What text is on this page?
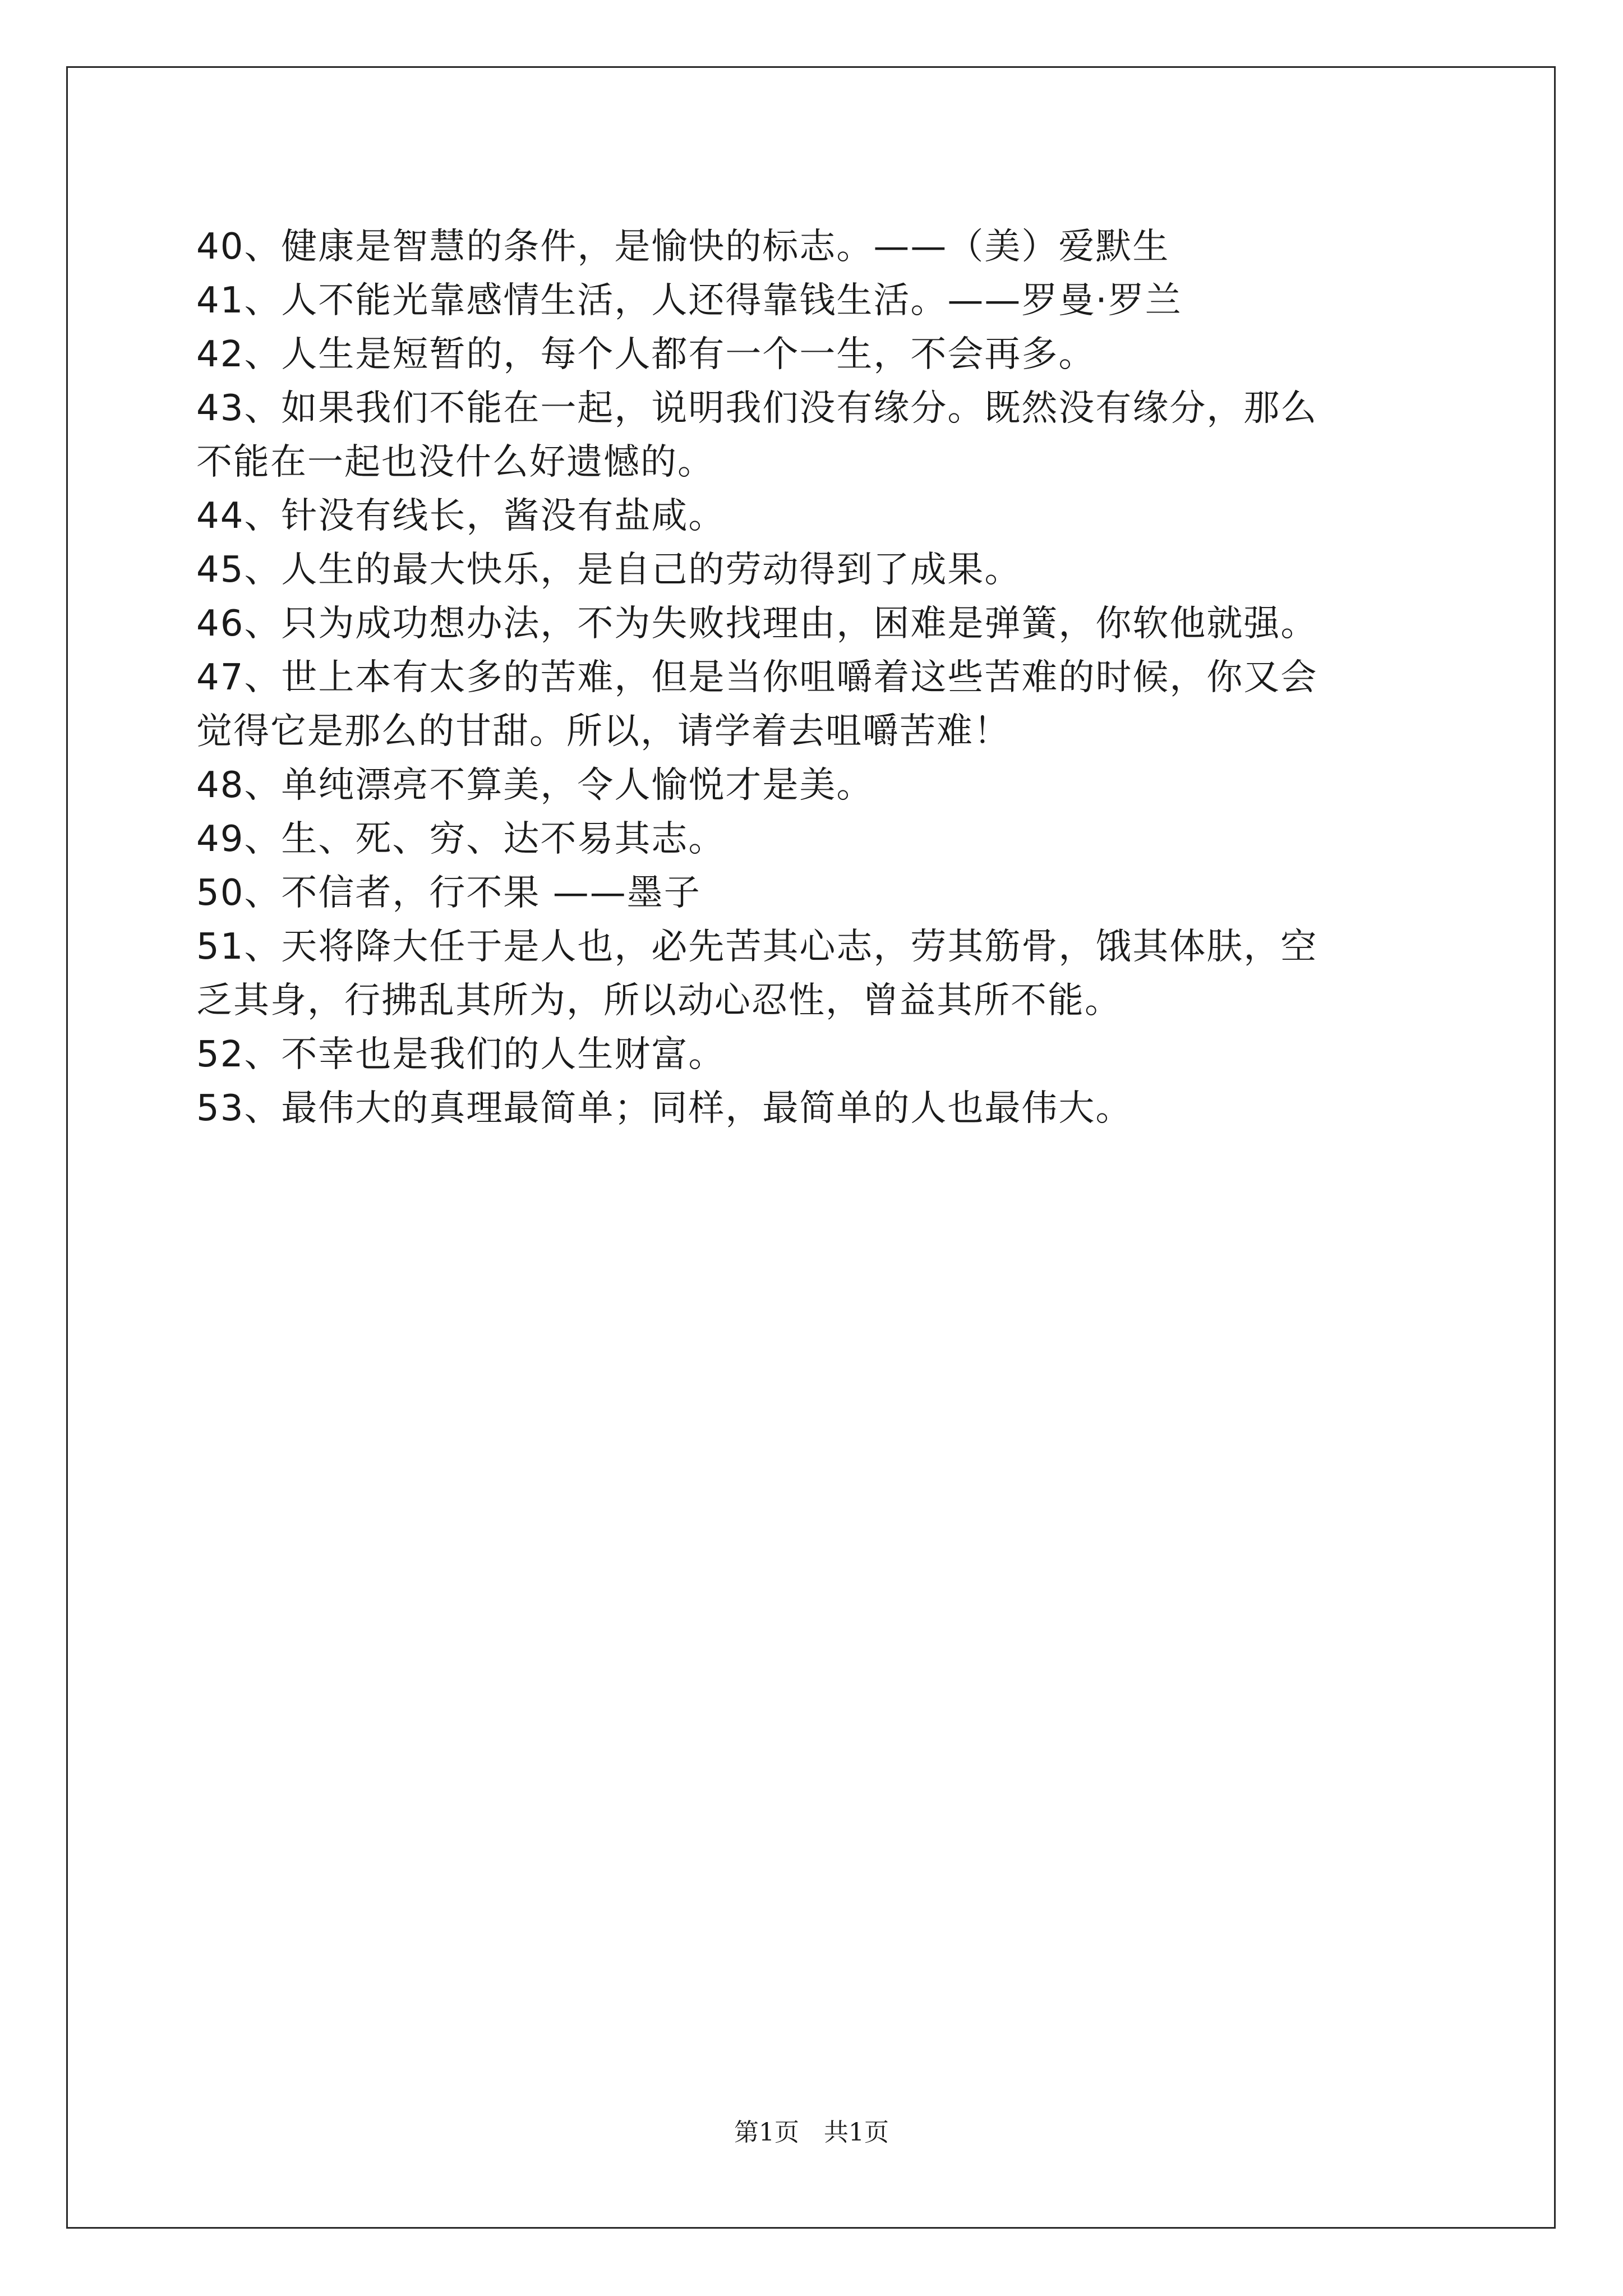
40、健康是智慧的条件，是愉快的标志。——（美）爱默生

41、人不能光靠感情生活，人还得靠钱生活。——罗曼·罗兰

42、人生是短暂的，每个人都有一个一生，不会再多。

43、如果我们不能在一起，说明我们没有缘分。既然没有缘分，那么

不能在一起也没什么好遗憾的。

44、针没有线长，酱没有盐咸。

45、人生的最大快乐，是自己的劳动得到了成果。

46、只为成功想办法，不为失败找理由，困难是弹簧，你软他就强。

47、世上本有太多的苦难，但是当你咀嚼着这些苦难的时候，你又会

觉得它是那么的甘甜。所以，请学着去咀嚼苦难！

48、单纯漂亮不算美，令人愉悦才是美。

49、生、死、穷、达不易其志。

50、不信者，行不果 ——墨子

51、天将降大任于是人也，必先苦其心志，劳其筋骨，饿其体肤，空

乏其身，行拂乱其所为，所以动心忍性，曾益其所不能。

52、不幸也是我们的人生财富。

53、最伟大的真理最简单；同样，最简单的人也最伟大。

第1页 共1页
